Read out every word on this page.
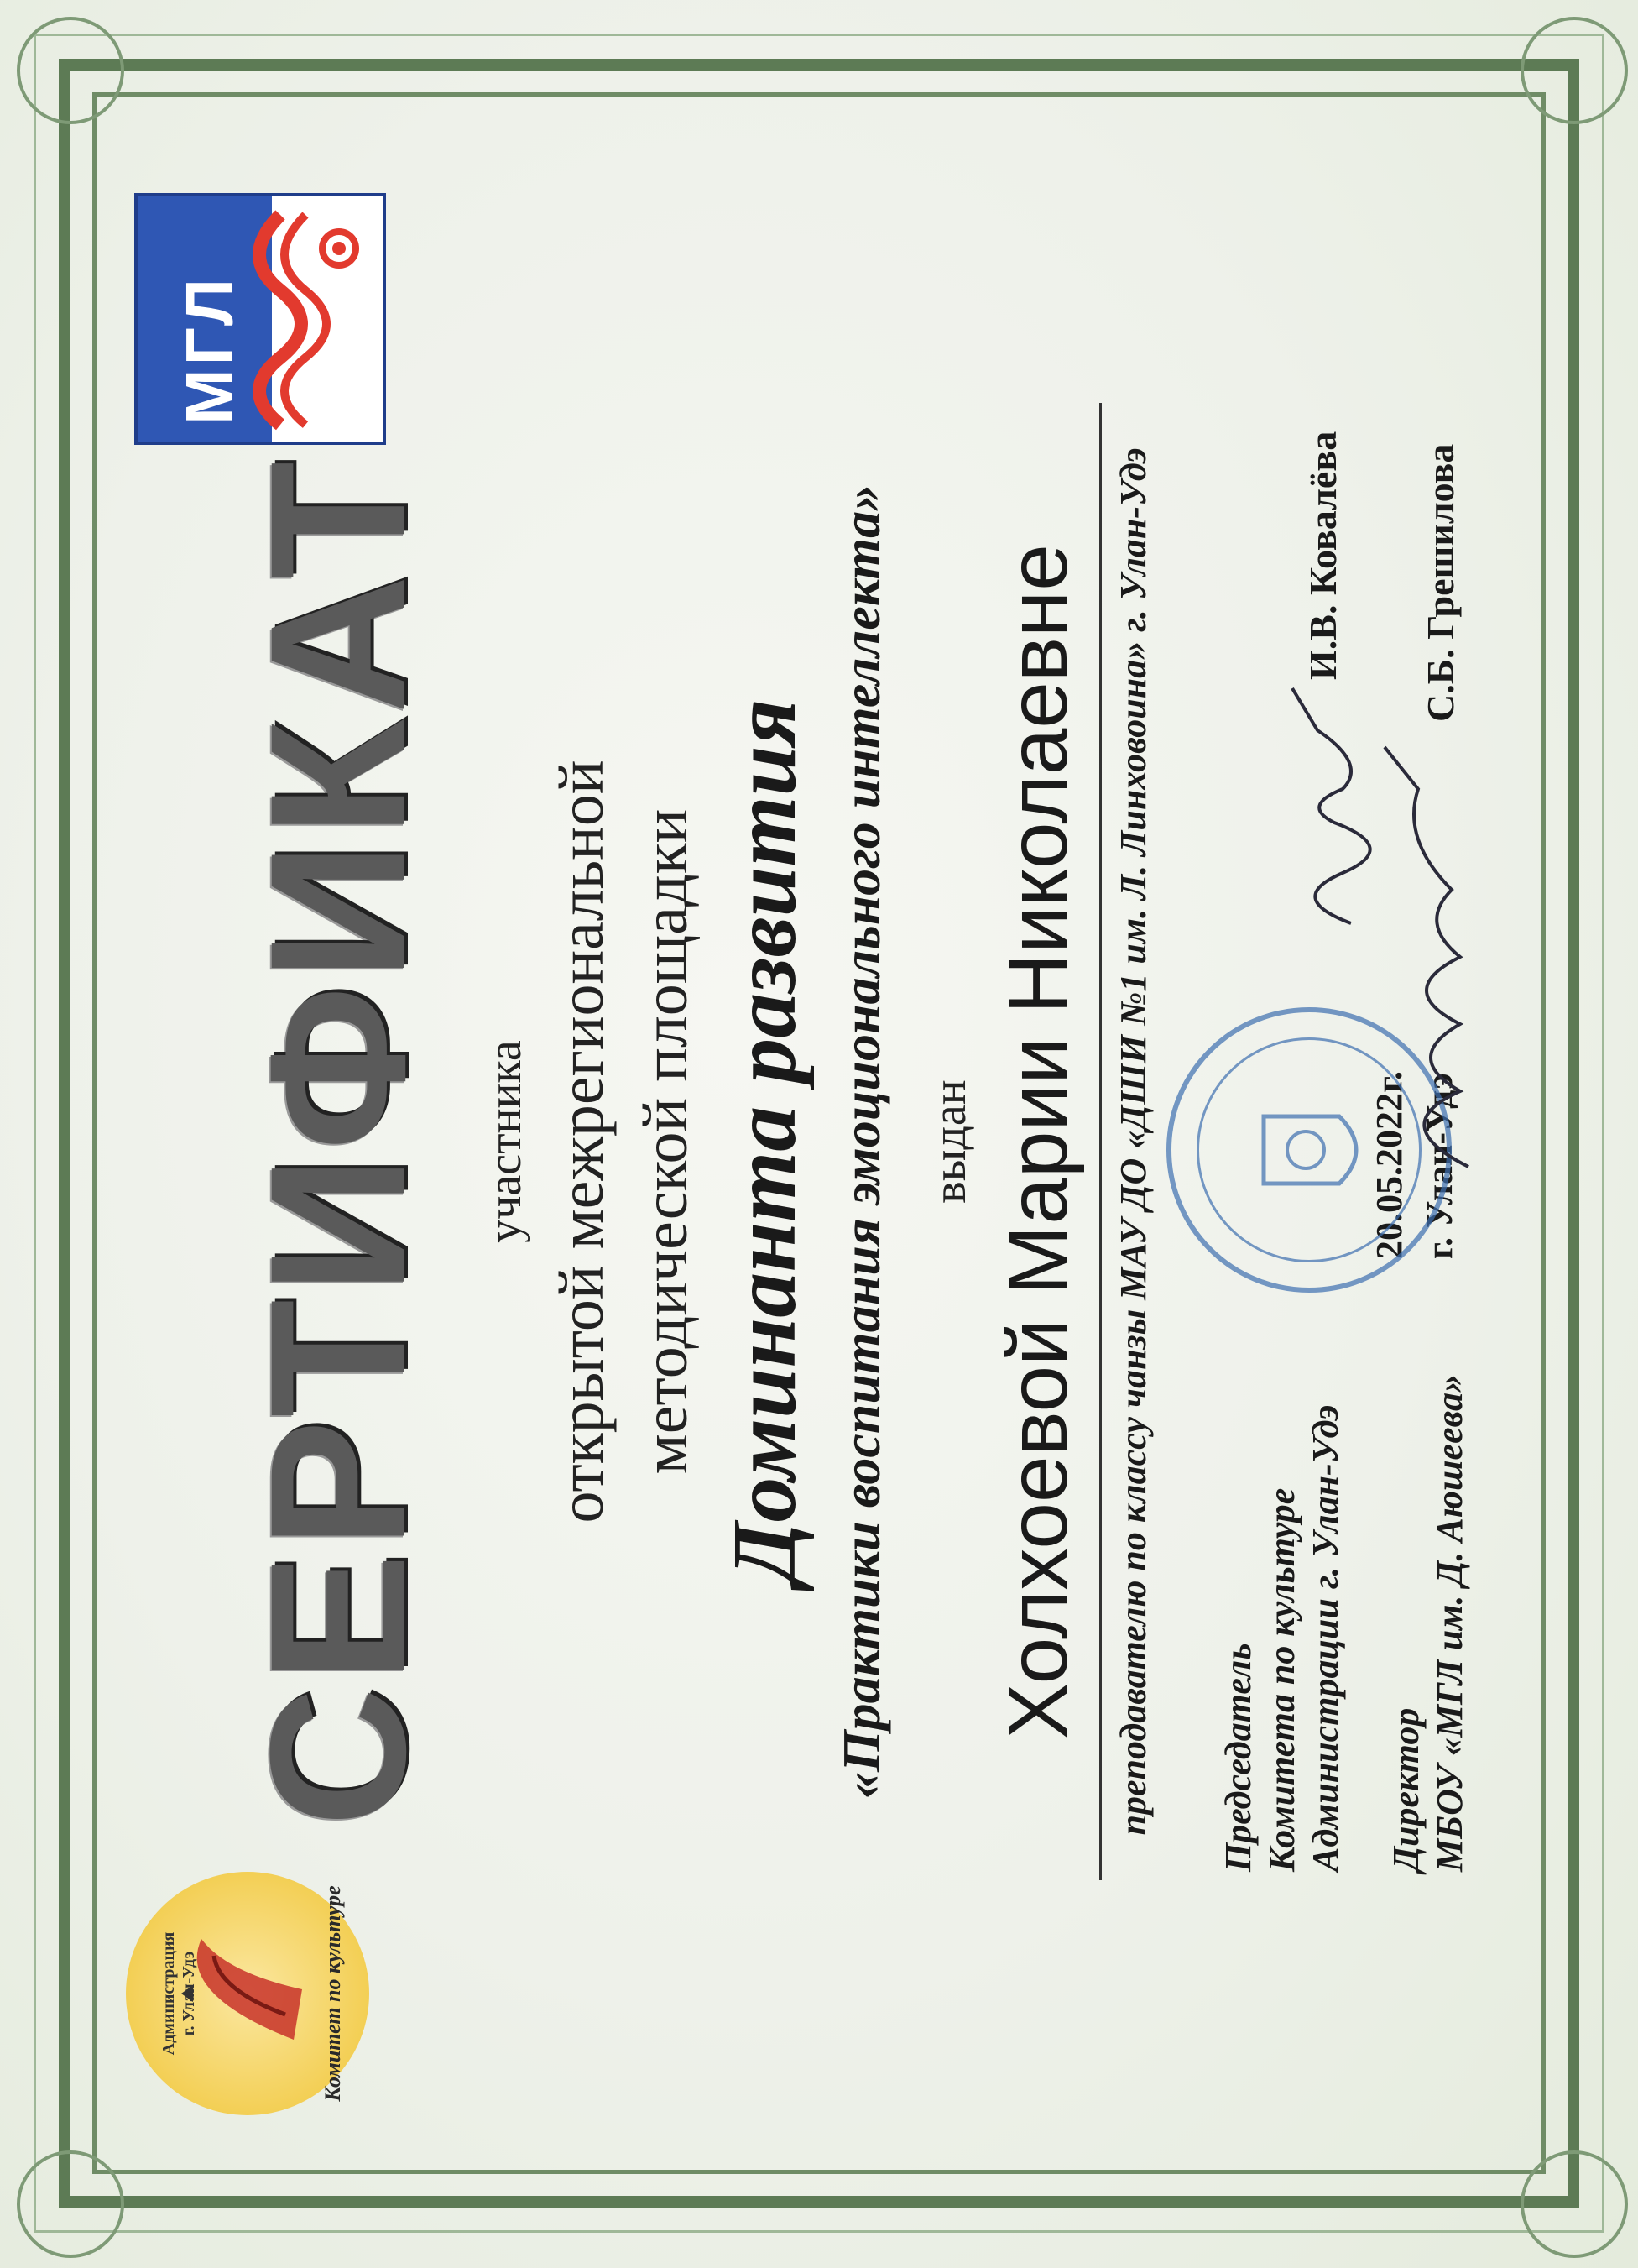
Администрация г. Улан-Удэ	Комитет по культуре
МГЛ
СЕРТИФИКАТ участника открытой межрегиональной методической площадки Доминанта развития «Практики воспитания эмоционального интеллекта» выдан Холхоевой Марии Николаевне преподавателю по классу чанзы МАУ ДО «ДШИ №1 им. Л. Линховоина» г. Улан-Удэ Председатель Комитета по культуре Администрации г. Улан-Удэ
И.В. Ковалёва
Директор МБОУ «МГЛ им. Д. Аюшеева»
С.Б. Грешилова
20.05.2022г. г. Улан-Удэ
